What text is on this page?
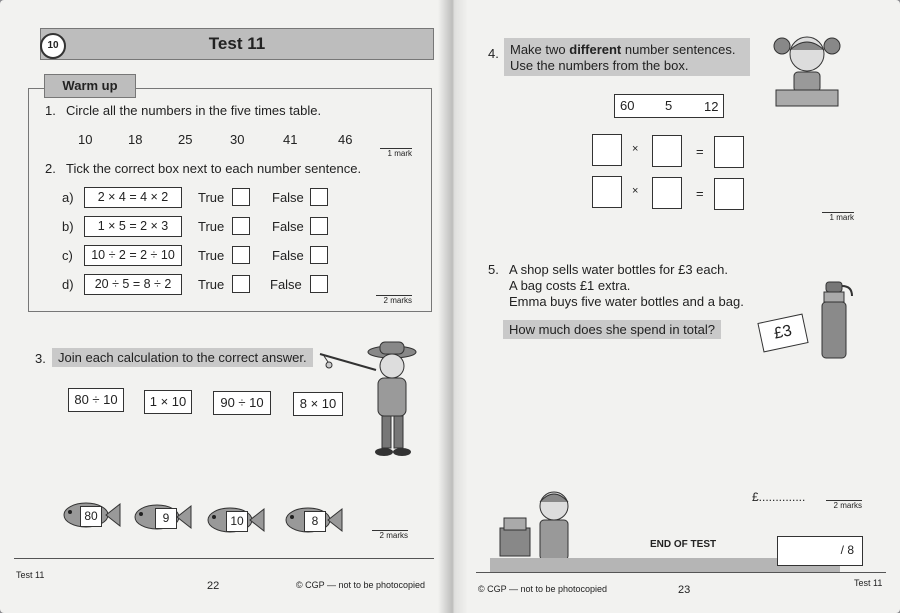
Test 11
10
Warm up
1. Circle all the numbers in the five times table.
10	18	25	30	41	46
1 mark
2. Tick the correct box next to each number sentence.
a)	2 × 4 = 4 × 2	True	False
b)	1 × 5 = 2 × 3	True	False
c)	10 ÷ 2 = 2 ÷ 10	True	False
d)	20 ÷ 5 = 8 ÷ 2	True	False
2 marks
3. Join each calculation to the correct answer.
80 ÷ 10	1 × 10	90 ÷ 10	8 × 10
80	9	10	8
2 marks
Test 11
22	© CGP — not to be photocopied
4. Make two different number sentences.
Use the numbers from the box.
60 5 12
×	=
×	=
1 mark
5. A shop sells water bottles for £3 each.
A bag costs £1 extra.
Emma buys five water bottles and a bag.
How much does she spend in total?	£3
£..............
2 marks
END OF TEST	/ 8
© CGP — not to be photocopied	23
Test 11
